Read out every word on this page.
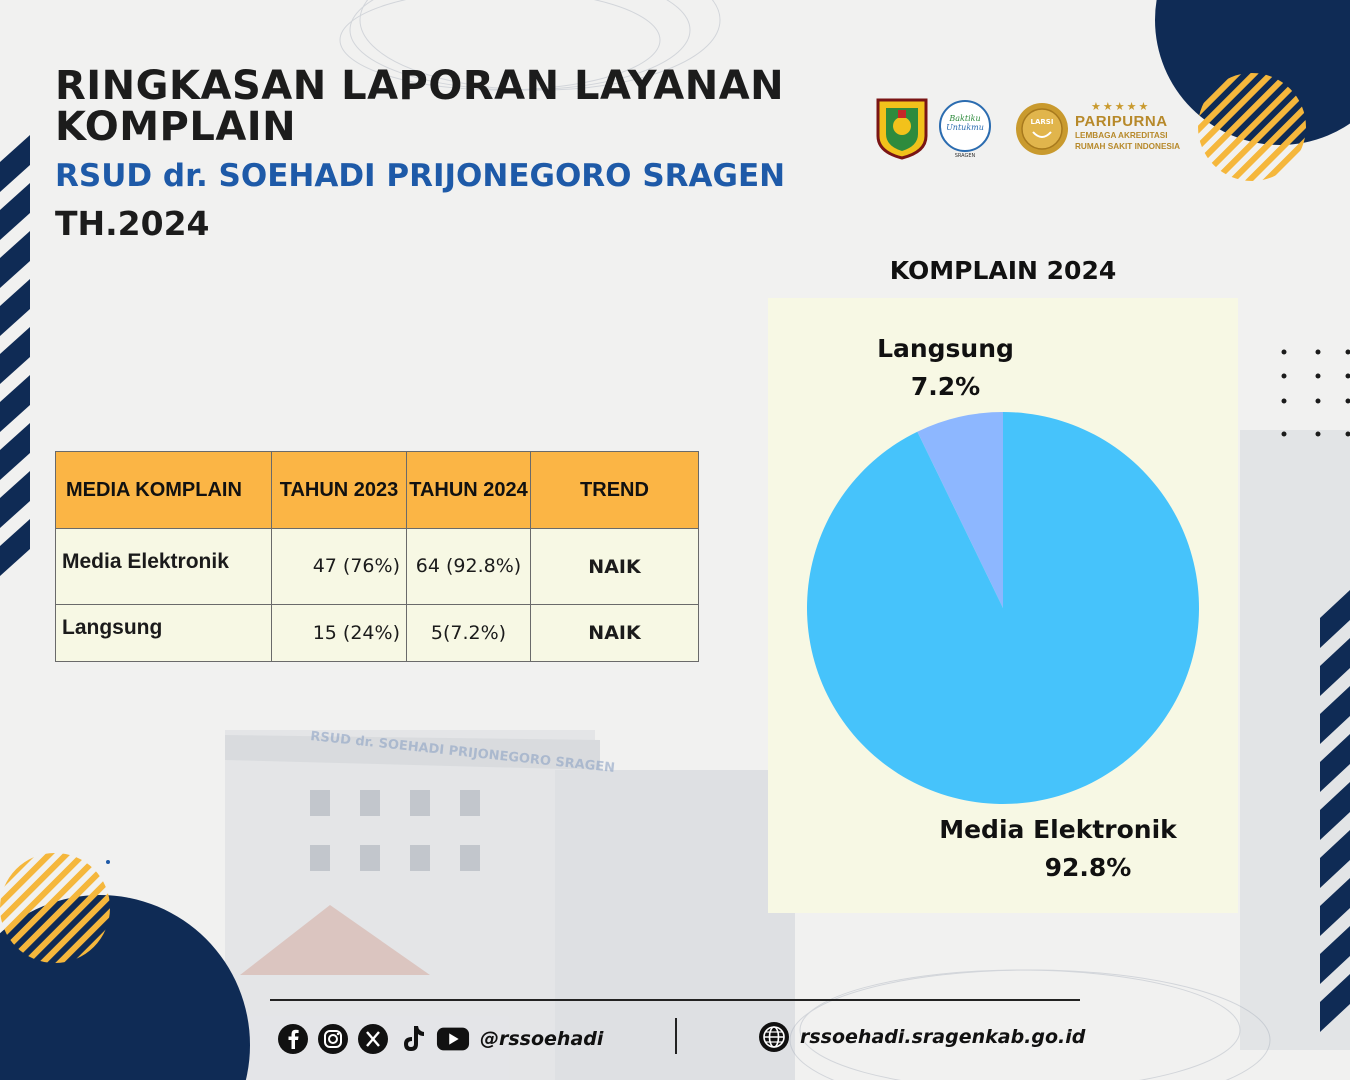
RSUD dr. SOEHADI PRIJONEGORO SRAGEN
RINGKASAN LAPORAN LAYANAN KOMPLAIN
RSUD dr. SOEHADI PRIJONEGORO SRAGEN
TH.2024
Baktiku
Untukmu
SRAGEN
LARSI
★★★★★
PARIPURNA
LEMBAGA AKREDITASI
RUMAH SAKIT INDONESIA
MEDIA KOMPLAIN	TAHUN 2023	TAHUN 2024	TREND
Media Elektronik	47 (76%)	64 (92.8%)	NAIK
Langsung	15 (24%)	5(7.2%)	NAIK
KOMPLAIN 2024
Langsung
7.2%
Media Elektronik
92.8%
@rssoehadi	rssoehadi.sragenkab.go.id
